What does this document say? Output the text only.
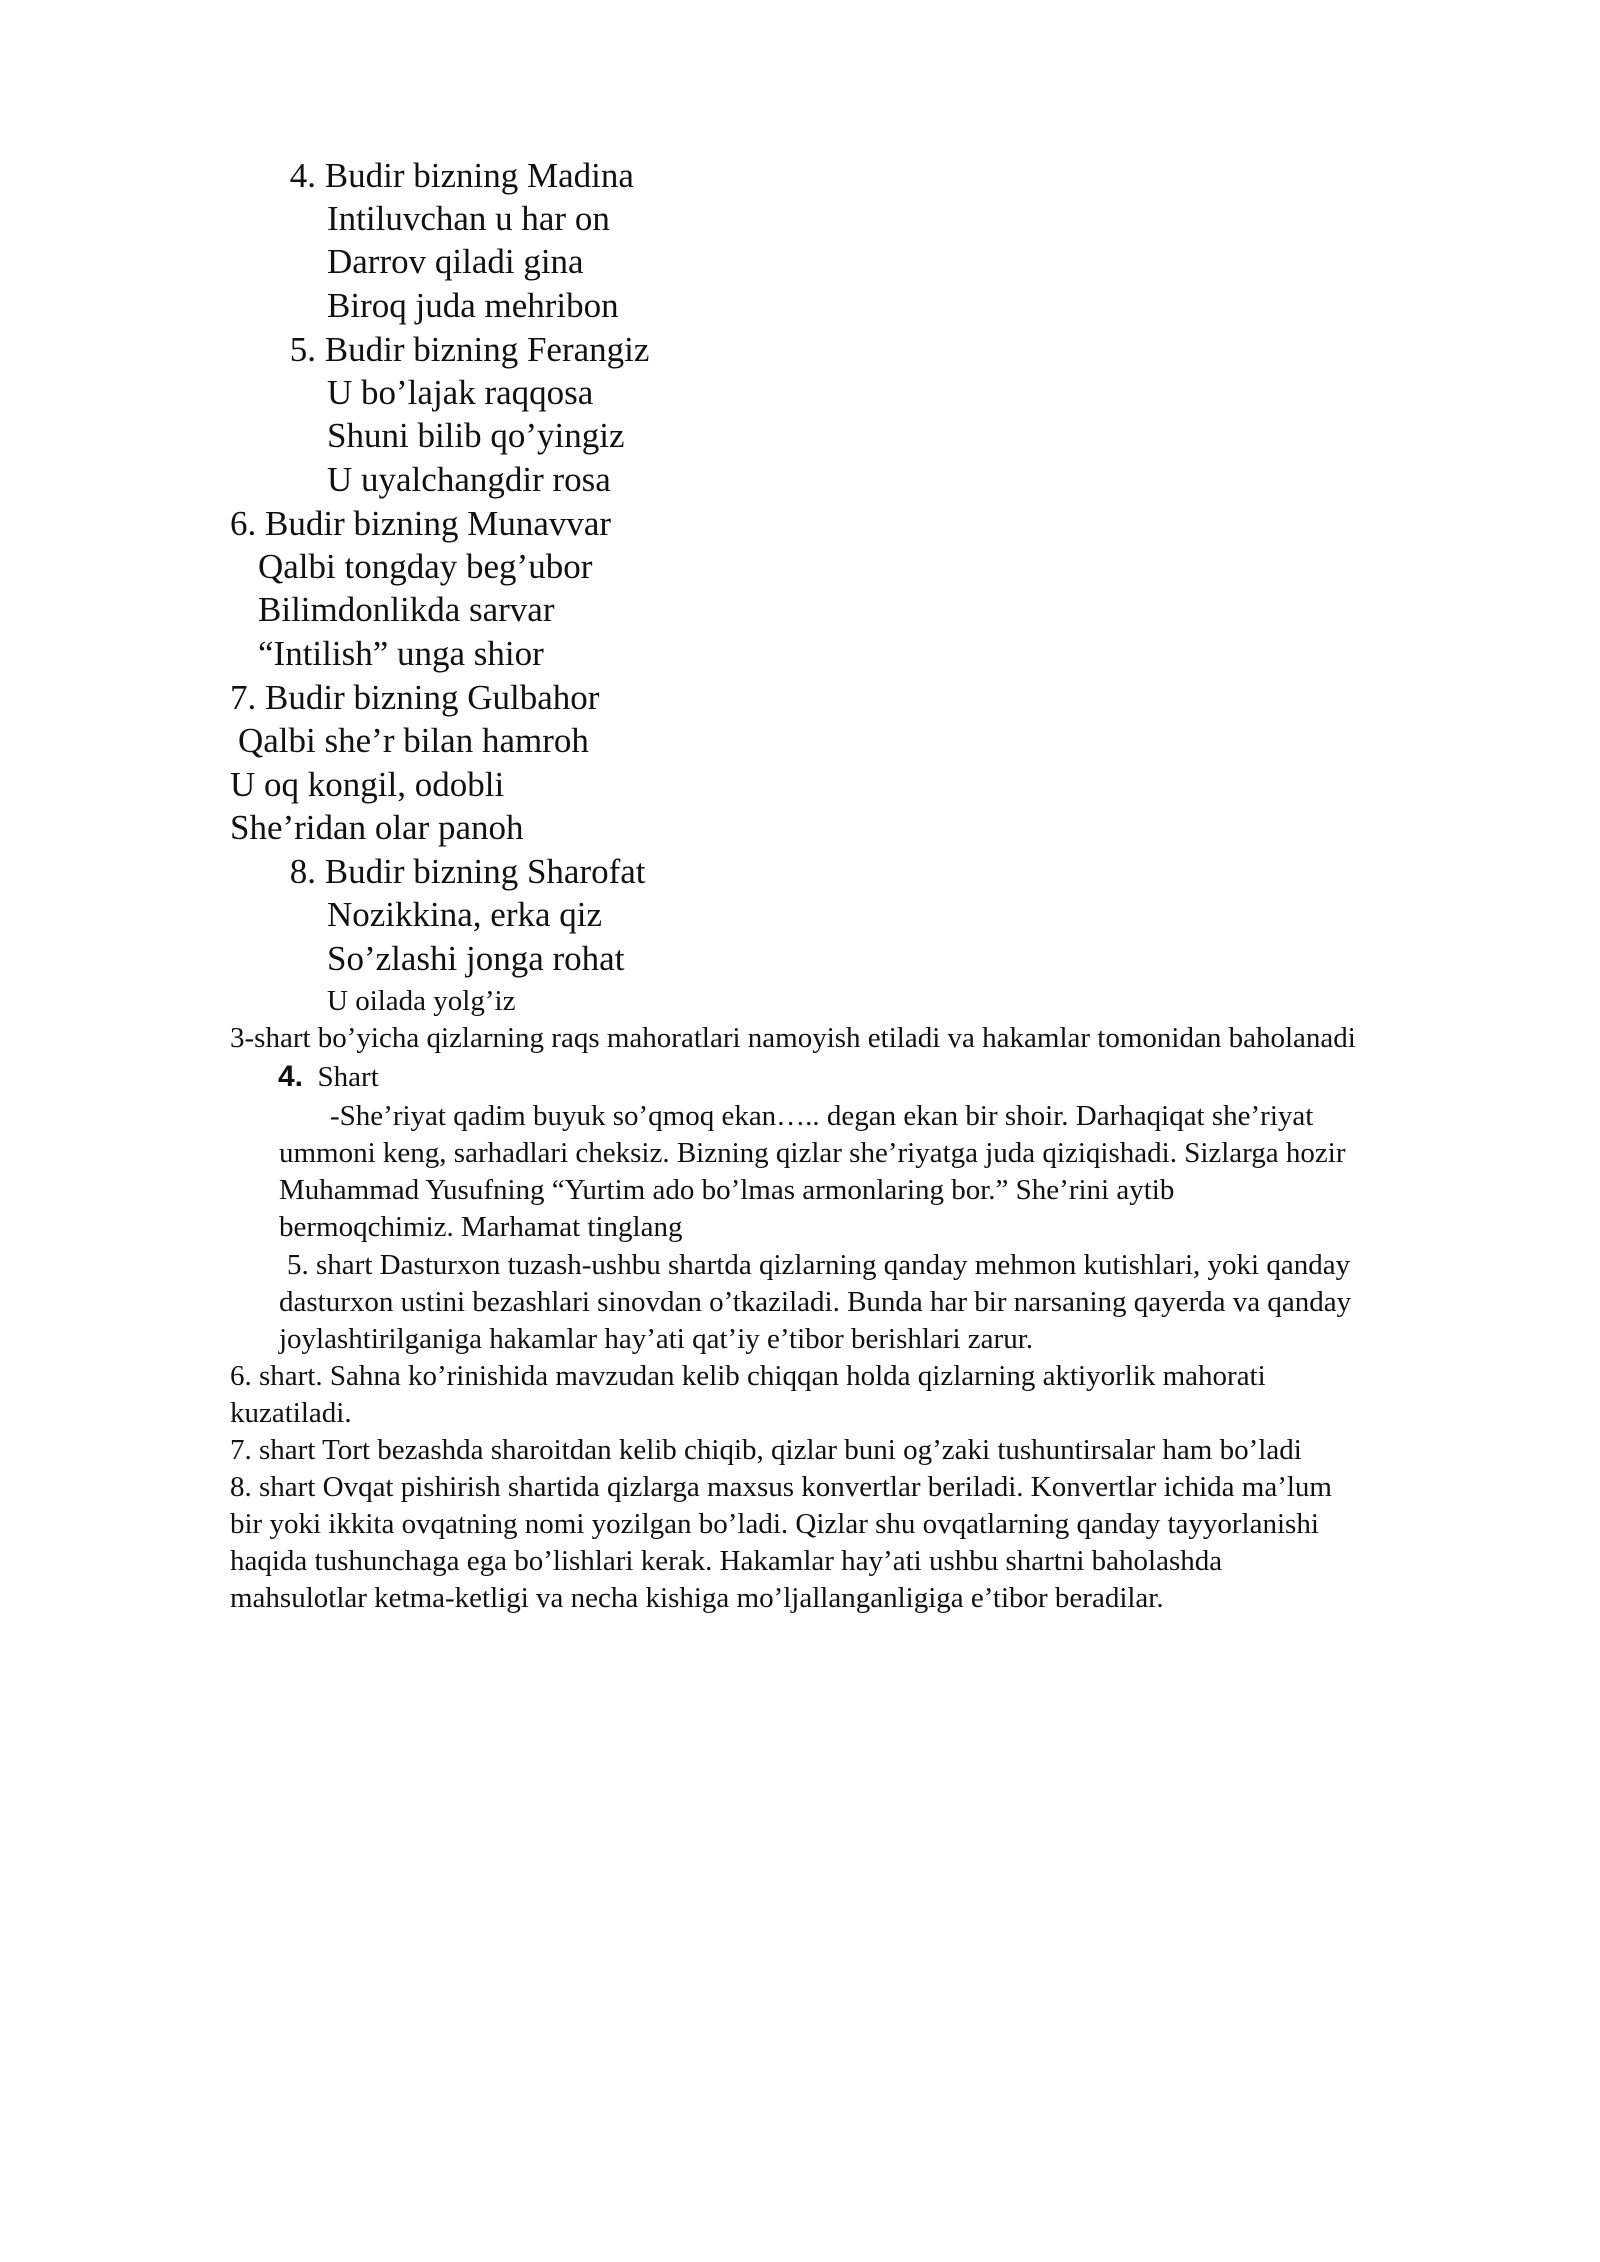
4. Budir bizning Madina
Intiluvchan u har on
Darrov qiladi gina
Biroq juda mehribon
5. Budir bizning Ferangiz
U bo’lajak raqqosa
Shuni bilib qo’yingiz
U uyalchangdir rosa
6. Budir bizning Munavvar
Qalbi tongday beg’ubor
Bilimdonlikda sarvar
“Intilish” unga shior
7. Budir bizning Gulbahor
Qalbi she’r bilan hamroh
U oq kongil, odobli
She’ridan olar panoh
8. Budir bizning Sharofat
Nozikkina, erka qiz
So’zlashi jonga rohat
U oilada yolg’iz
3-shart bo’yicha qizlarning raqs mahoratlari namoyish etiladi va hakamlar tomonidan baholanadi
4. Shart
-She’riyat qadim buyuk so’qmoq ekan….. degan ekan bir shoir. Darhaqiqat she’riyat
ummoni keng, sarhadlari cheksiz. Bizning qizlar she’riyatga juda qiziqishadi. Sizlarga hozir
Muhammad Yusufning “Yurtim ado bo’lmas armonlaring bor.” She’rini aytib
bermoqchimiz. Marhamat tinglang
5. shart Dasturxon tuzash-ushbu shartda qizlarning qanday mehmon kutishlari, yoki qanday
dasturxon ustini bezashlari sinovdan o’tkaziladi. Bunda har bir narsaning qayerda va qanday
joylashtirilganiga hakamlar hay’ati qat’iy e’tibor berishlari zarur.
6. shart. Sahna ko’rinishida mavzudan kelib chiqqan holda qizlarning aktiyorlik mahorati
kuzatiladi.
7. shart Tort bezashda sharoitdan kelib chiqib, qizlar buni og’zaki tushuntirsalar ham bo’ladi
8. shart Ovqat pishirish shartida qizlarga maxsus konvertlar beriladi. Konvertlar ichida ma’lum
bir yoki ikkita ovqatning nomi yozilgan bo’ladi. Qizlar shu ovqatlarning qanday tayyorlanishi
haqida tushunchaga ega bo’lishlari kerak. Hakamlar hay’ati ushbu shartni baholashda
mahsulotlar ketma-ketligi va necha kishiga mo’ljallanganligiga e’tibor beradilar.
